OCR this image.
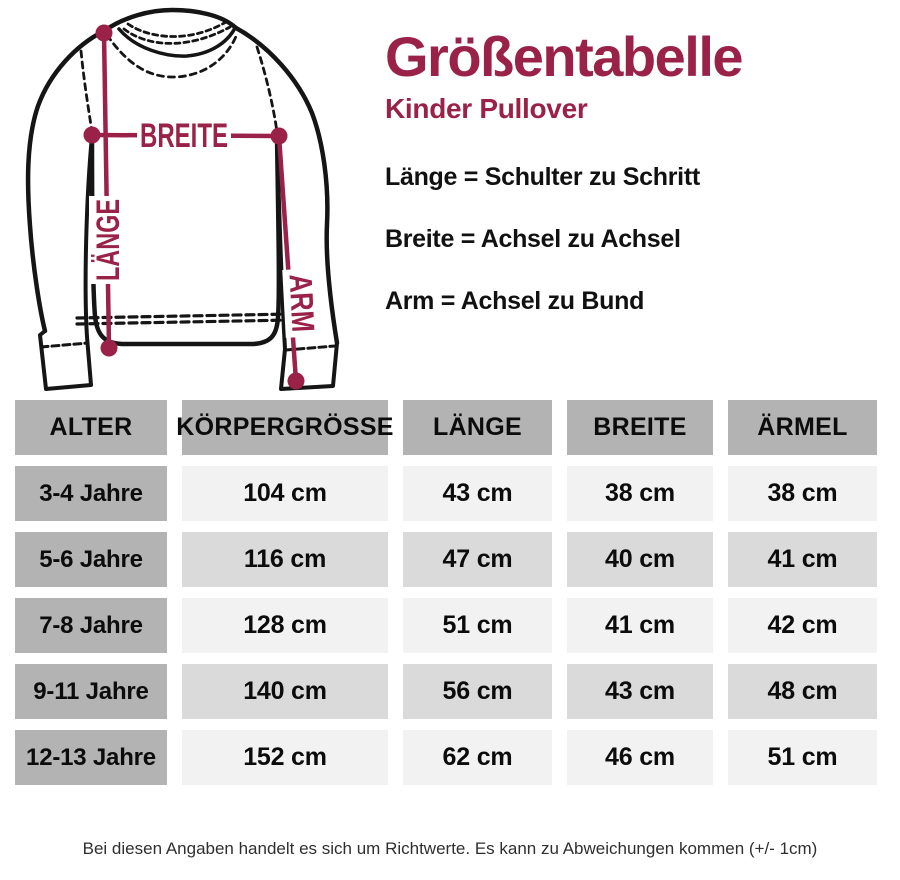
BREITE
LÄNGE
ARM
Größentabelle
Kinder Pullover
Länge = Schulter zu Schritt
Breite = Achsel zu Achsel
Arm = Achsel zu Bund
ALTER	KÖRPERGRÖSSE	LÄNGE	BREITE	ÄRMEL
3-4 Jahre	104 cm	43 cm	38 cm	38 cm
5-6 Jahre	116 cm	47 cm	40 cm	41 cm
7-8 Jahre	128 cm	51 cm	41 cm	42 cm
9-11 Jahre	140 cm	56 cm	43 cm	48 cm
12-13 Jahre	152 cm	62 cm	46 cm	51 cm
Bei diesen Angaben handelt es sich um Richtwerte. Es kann zu Abweichungen kommen (+/- 1cm)
